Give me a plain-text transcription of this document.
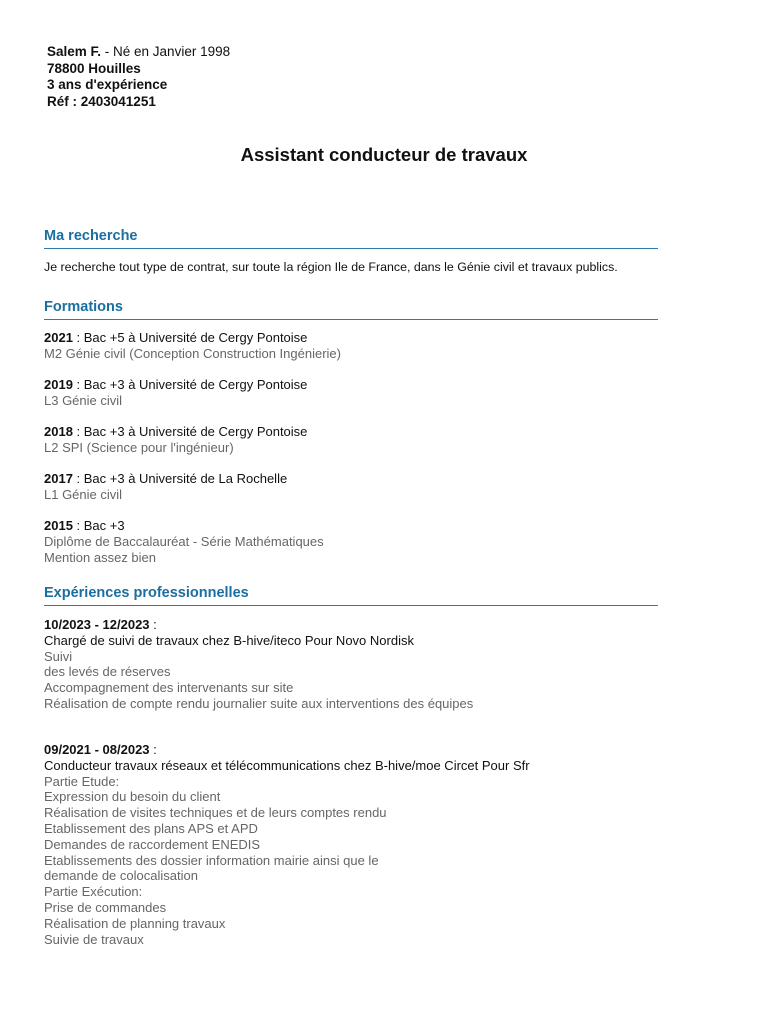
Salem F. - Né en Janvier 1998
78800 Houilles
3 ans d'expérience
Réf : 2403041251
Assistant conducteur de travaux
Ma recherche
Je recherche tout type de contrat, sur toute la région Ile de France, dans le Génie civil et travaux publics.
Formations
2021 : Bac +5 à Université de Cergy Pontoise
M2 Génie civil (Conception Construction Ingénierie)
2019 : Bac +3 à Université de Cergy Pontoise
L3 Génie civil
2018 : Bac +3 à Université de Cergy Pontoise
L2 SPI (Science pour l'ingénieur)
2017 : Bac +3 à Université de La Rochelle
L1 Génie civil
2015 : Bac +3
Diplôme de Baccalauréat - Série Mathématiques
Mention assez bien
Expériences professionnelles
10/2023 - 12/2023 :
Chargé de suivi de travaux chez B-hive/iteco Pour Novo Nordisk
Suivi
des levés de réserves
Accompagnement des intervenants sur site
Réalisation de compte rendu journalier suite aux interventions des équipes
09/2021 - 08/2023 :
Conducteur travaux réseaux et télécommunications chez B-hive/moe Circet Pour Sfr
Partie Etude:
Expression du besoin du client
Réalisation de visites techniques et de leurs comptes rendu
Etablissement des plans APS et APD
Demandes de raccordement ENEDIS
Etablissements des dossier information mairie ainsi que le
demande de colocalisation
Partie Exécution:
Prise de commandes
Réalisation de planning travaux
Suivie de travaux
